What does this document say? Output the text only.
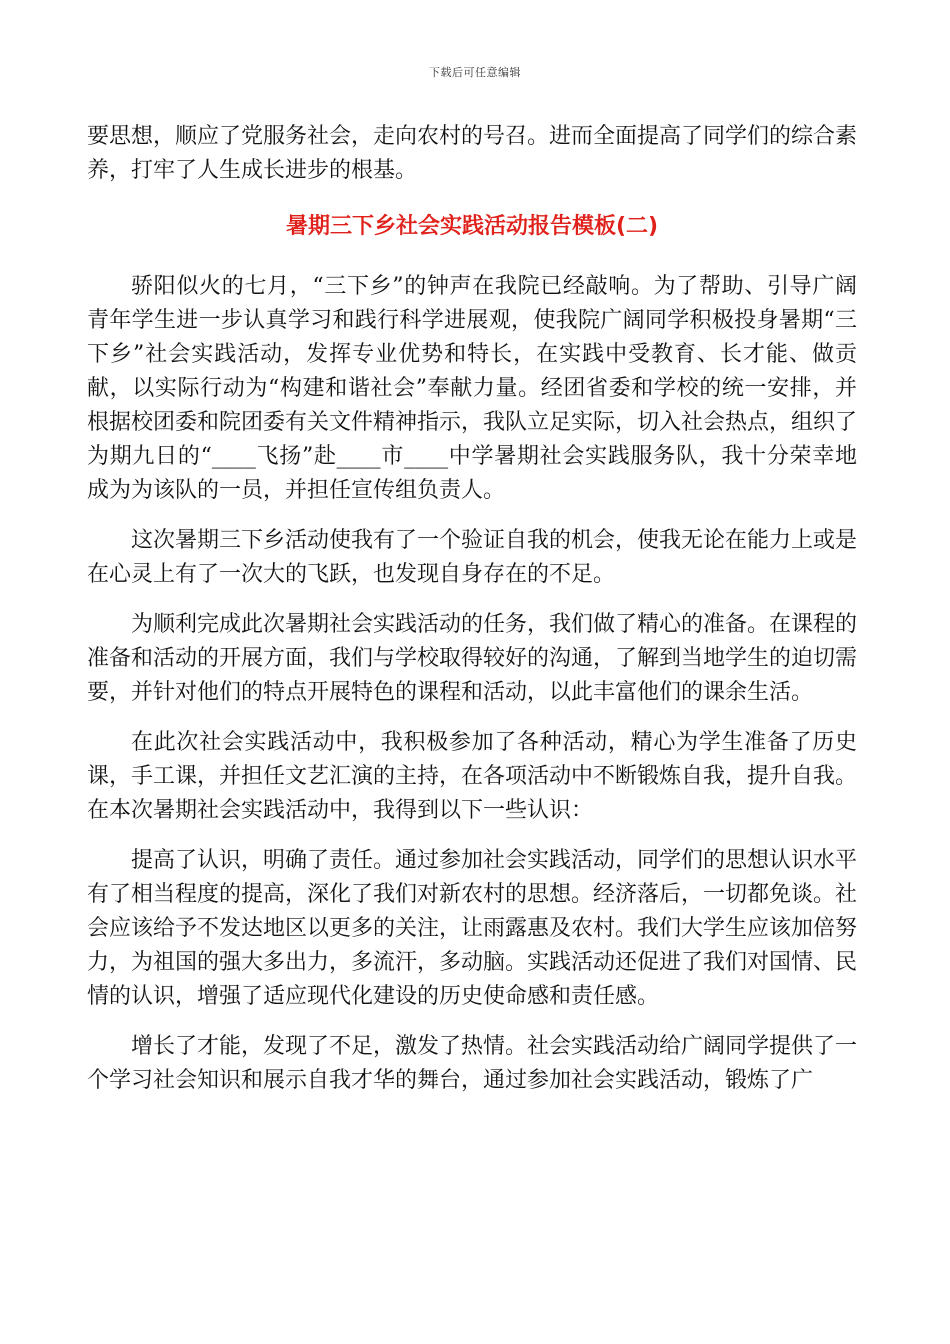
下载后可任意编辑

要思想，顺应了党服务社会，走向农村的号召。进而全面提高了同学们的综合素养，打牢了人生成长进步的根基。

暑期三下乡社会实践活动报告模板(二)

骄阳似火的七月，“三下乡”的钟声在我院已经敲响。为了帮助、引导广阔青年学生进一步认真学习和践行科学进展观，使我院广阔同学积极投身暑期“三下乡”社会实践活动，发挥专业优势和特长，在实践中受教育、长才能、做贡献，以实际行动为“构建和谐社会”奉献力量。经团省委和学校的统一安排，并根据校团委和院团委有关文件精神指示，我队立足实际，切入社会热点，组织了为期九日的“____飞扬”赴____市____中学暑期社会实践服务队，我十分荣幸地成为为该队的一员，并担任宣传组负责人。

这次暑期三下乡活动使我有了一个验证自我的机会，使我无论在能力上或是在心灵上有了一次大的飞跃，也发现自身存在的不足。

为顺利完成此次暑期社会实践活动的任务，我们做了精心的准备。在课程的准备和活动的开展方面，我们与学校取得较好的沟通，了解到当地学生的迫切需要，并针对他们的特点开展特色的课程和活动，以此丰富他们的课余生活。

在此次社会实践活动中，我积极参加了各种活动，精心为学生准备了历史课，手工课，并担任文艺汇演的主持，在各项活动中不断锻炼自我，提升自我。在本次暑期社会实践活动中，我得到以下一些认识：

提高了认识，明确了责任。通过参加社会实践活动，同学们的思想认识水平有了相当程度的提高，深化了我们对新农村的思想。经济落后，一切都免谈。社会应该给予不发达地区以更多的关注，让雨露惠及农村。我们大学生应该加倍努力，为祖国的强大多出力，多流汗，多动脑。实践活动还促进了我们对国情、民情的认识，增强了适应现代化建设的历史使命感和责任感。

增长了才能，发现了不足，激发了热情。社会实践活动给广阔同学提供了一个学习社会知识和展示自我才华的舞台，通过参加社会实践活动，锻炼了广
